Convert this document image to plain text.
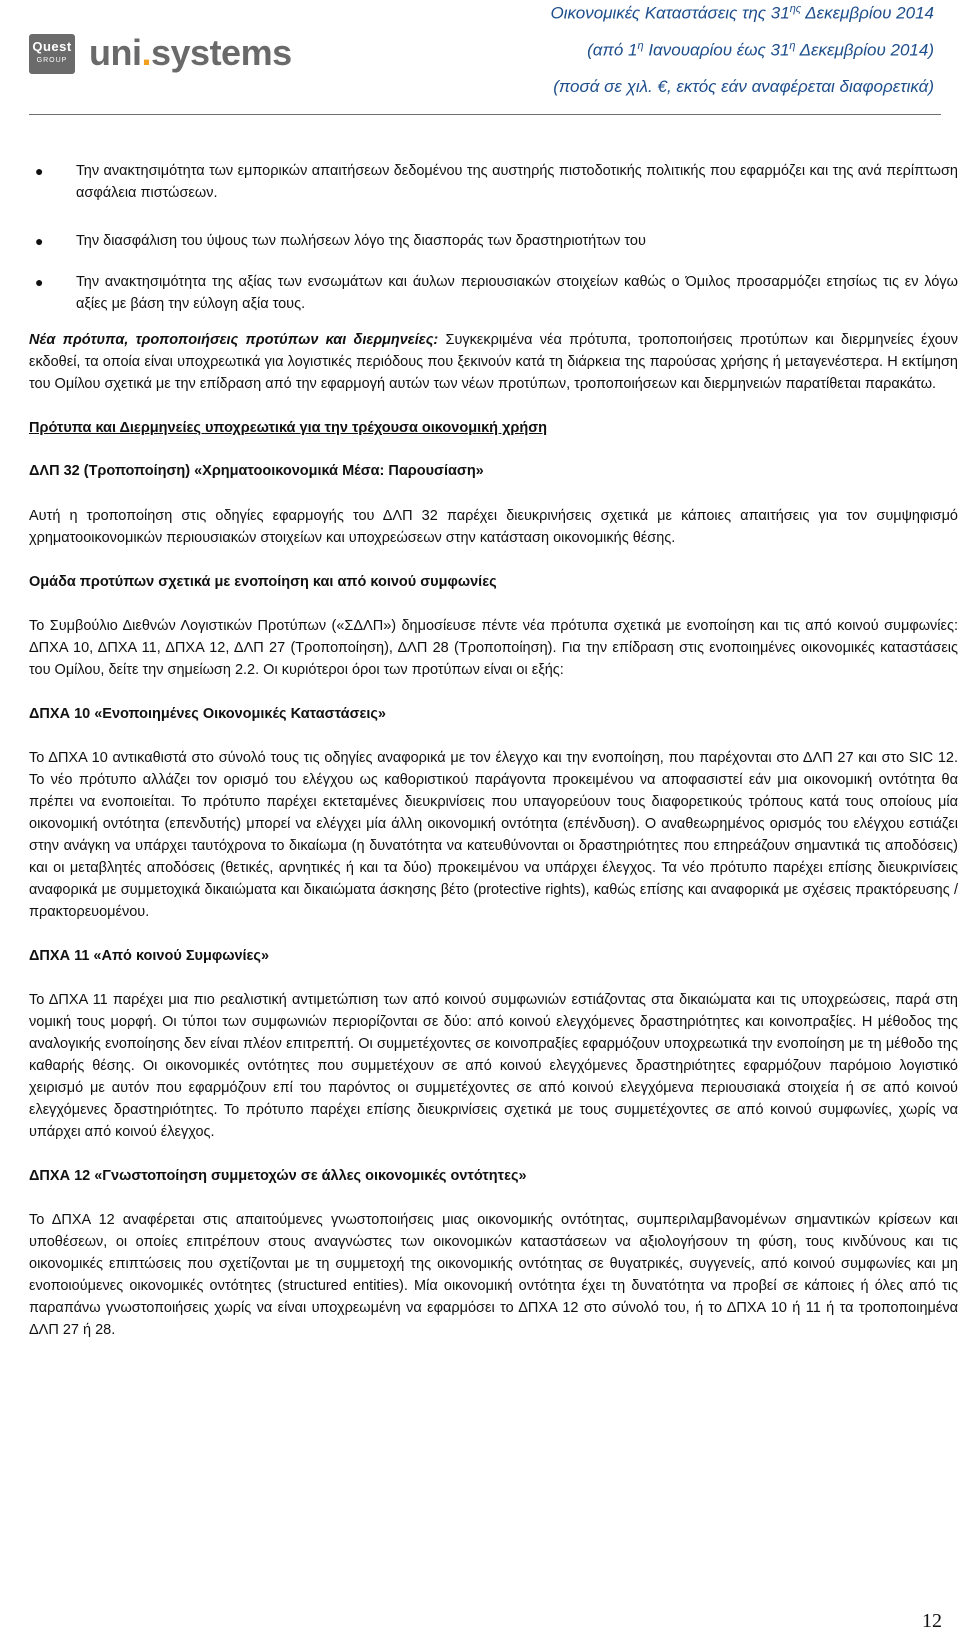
Quest
GROUP uni.systems
Οικονομικές Καταστάσεις της $31^{\eta\varsigma}$ Δεκεμβρίου 2014
(από $1^\eta$ Ιανουαρίου έως $31^\eta$ Δεκεμβρίου 2014)
(ποσά σε χιλ. €, εκτός εάν αναφέρεται διαφορετικά)
● Την ανακτησιμότητα των εμπορικών απαιτήσεων δεδομένου της αυστηρής πιστοδοτικής πολιτικής που εφαρμόζει και της ανά περίπτωση ασφάλεια πιστώσεων.
● Την διασφάλιση του ύψους των πωλήσεων λόγο της διασποράς των δραστηριοτήτων του
● Την ανακτησιμότητα της αξίας των ενσωμάτων και άυλων περιουσιακών στοιχείων καθώς ο Όμιλος προσαρμόζει ετησίως τις εν λόγω αξίες με βάση την εύλογη αξία τους.

Νέα πρότυπα, τροποποιήσεις προτύπων και διερμηνείες: Συγκεκριμένα νέα πρότυπα, τροποποιήσεις προτύπων και διερμηνείες έχουν εκδοθεί, τα οποία είναι υποχρεωτικά για λογιστικές περιόδους που ξεκινούν κατά τη διάρκεια της παρούσας χρήσης ή μεταγενέστερα. Η εκτίμηση του Ομίλου σχετικά με την επίδραση από την εφαρμογή αυτών των νέων προτύπων, τροποποιήσεων και διερμηνειών παρατίθεται παρακάτω.

Πρότυπα και Διερμηνείες υποχρεωτικά για την τρέχουσα οικονομική χρήση
ΔΛΠ 32 (Τροποποίηση) «Χρηματοοικονομικά Μέσα: Παρουσίαση»

Αυτή η τροποποίηση στις οδηγίες εφαρμογής του ΔΛΠ 32 παρέχει διευκρινήσεις σχετικά με κάποιες απαιτήσεις για τον συμψηφισμό χρηματοοικονομικών περιουσιακών στοιχείων και υποχρεώσεων στην κατάσταση οικονομικής θέσης.

Ομάδα προτύπων σχετικά με ενοποίηση και από κοινού συμφωνίες

Το Συμβούλιο Διεθνών Λογιστικών Προτύπων («ΣΔΛΠ») δημοσίευσε πέντε νέα πρότυπα σχετικά με ενοποίηση και τις από κοινού συμφωνίες: ΔΠΧΑ 10, ΔΠΧΑ 11, ΔΠΧΑ 12, ΔΛΠ 27 (Τροποποίηση), ΔΛΠ 28 (Τροποποίηση). Για την επίδραση στις ενοποιημένες οικονομικές καταστάσεις του Ομίλου, δείτε την σημείωση 2.2. Οι κυριότεροι όροι των προτύπων είναι οι εξής:

ΔΠΧΑ 10 «Ενοποιημένες Οικονομικές Καταστάσεις»

Το ΔΠΧΑ 10 αντικαθιστά στο σύνολό τους τις οδηγίες αναφορικά με τον έλεγχο και την ενοποίηση, που παρέχονται στο ΔΛΠ 27 και στο SIC 12. Το νέο πρότυπο αλλάζει τον ορισμό του ελέγχου ως καθοριστικού παράγοντα προκειμένου να αποφασιστεί εάν μια οικονομική οντότητα θα πρέπει να ενοποιείται. Το πρότυπο παρέχει εκτεταμένες διευκρινίσεις που υπαγορεύουν τους διαφορετικούς τρόπους κατά τους οποίους μία οικονομική οντότητα (επενδυτής) μπορεί να ελέγχει μία άλλη οικονομική οντότητα (επένδυση). Ο αναθεωρημένος ορισμός του ελέγχου εστιάζει στην ανάγκη να υπάρχει ταυτόχρονα το δικαίωμα (η δυνατότητα να κατευθύνονται οι δραστηριότητες που επηρεάζουν σημαντικά τις αποδόσεις) και οι μεταβλητές αποδόσεις (θετικές, αρνητικές ή και τα δύο) προκειμένου να υπάρχει έλεγχος. Τα νέο πρότυπο παρέχει επίσης διευκρινίσεις αναφορικά με συμμετοχικά δικαιώματα και δικαιώματα άσκησης βέτο (protective rights), καθώς επίσης και αναφορικά με σχέσεις πρακτόρευσης / πρακτορευομένου.

ΔΠΧΑ 11 «Από κοινού Συμφωνίες»

Το ΔΠΧΑ 11 παρέχει μια πιο ρεαλιστική αντιμετώπιση των από κοινού συμφωνιών εστιάζοντας στα δικαιώματα και τις υποχρεώσεις, παρά στη νομική τους μορφή. Οι τύποι των συμφωνιών περιορίζονται σε δύο: από κοινού ελεγχόμενες δραστηριότητες και κοινοπραξίες. Η μέθοδος της αναλογικής ενοποίησης δεν είναι πλέον επιτρεπτή. Οι συμμετέχοντες σε κοινοπραξίες εφαρμόζουν υποχρεωτικά την ενοποίηση με τη μέθοδο της καθαρής θέσης. Οι οικονομικές οντότητες που συμμετέχουν σε από κοινού ελεγχόμενες δραστηριότητες εφαρμόζουν παρόμοιο λογιστικό χειρισμό με αυτόν που εφαρμόζουν επί του παρόντος οι συμμετέχοντες σε από κοινού ελεγχόμενα περιουσιακά στοιχεία ή σε από κοινού ελεγχόμενες δραστηριότητες. Το πρότυπο παρέχει επίσης διευκρινίσεις σχετικά με τους συμμετέχοντες σε από κοινού συμφωνίες, χωρίς να υπάρχει από κοινού έλεγχος.

ΔΠΧΑ 12 «Γνωστοποίηση συμμετοχών σε άλλες οικονομικές οντότητες»

Το ΔΠΧΑ 12 αναφέρεται στις απαιτούμενες γνωστοποιήσεις μιας οικονομικής οντότητας, συμπεριλαμβανομένων σημαντικών κρίσεων και υποθέσεων, οι οποίες επιτρέπουν στους αναγνώστες των οικονομικών καταστάσεων να αξιολογήσουν τη φύση, τους κινδύνους και τις οικονομικές επιπτώσεις που σχετίζονται με τη συμμετοχή της οικονομικής οντότητας σε θυγατρικές, συγγενείς, από κοινού συμφωνίες και μη ενοποιούμενες οικονομικές οντότητες (structured entities). Μία οικονομική οντότητα έχει τη δυνατότητα να προβεί σε κάποιες ή όλες από τις παραπάνω γνωστοποιήσεις χωρίς να είναι υποχρεωμένη να εφαρμόσει το ΔΠΧΑ 12 στο σύνολό του, ή το ΔΠΧΑ 10 ή 11 ή τα τροποποιημένα ΔΛΠ 27 ή 28.

12
